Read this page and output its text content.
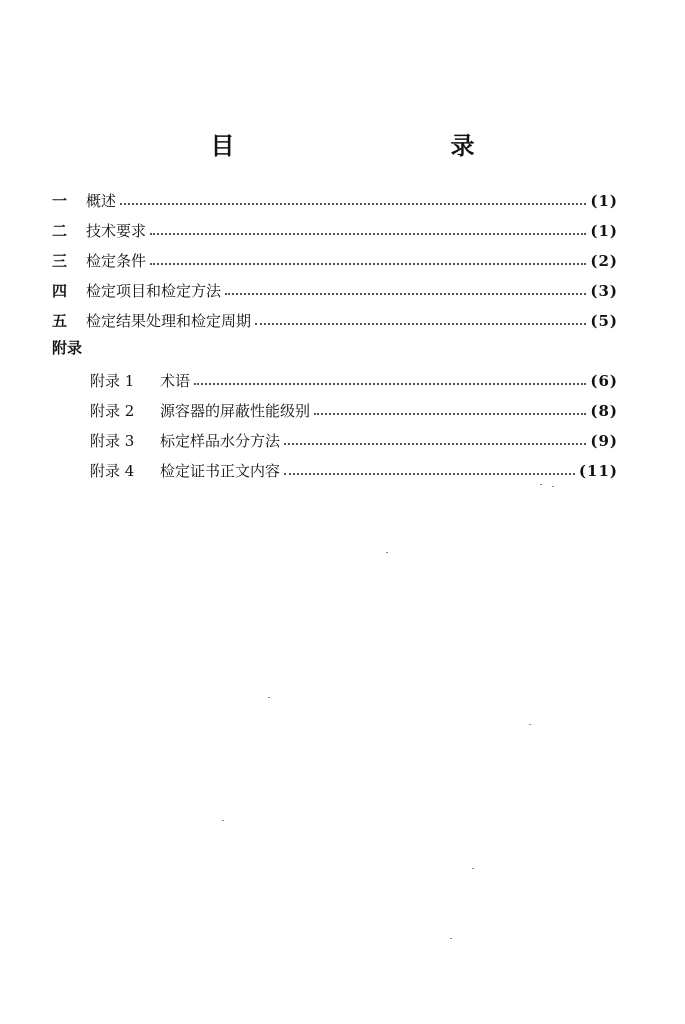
目　　录
一	概述	(1)
二	技术要求	(1)
三	检定条件	(2)
四	检定项目和检定方法	(3)
五	检定结果处理和检定周期	(5)
附录
附录 1	术语	(6)
附录 2	源容器的屏蔽性能级别	(8)
附录 3	标定样品水分方法	(9)
附录 4	检定证书正文内容	(11)
